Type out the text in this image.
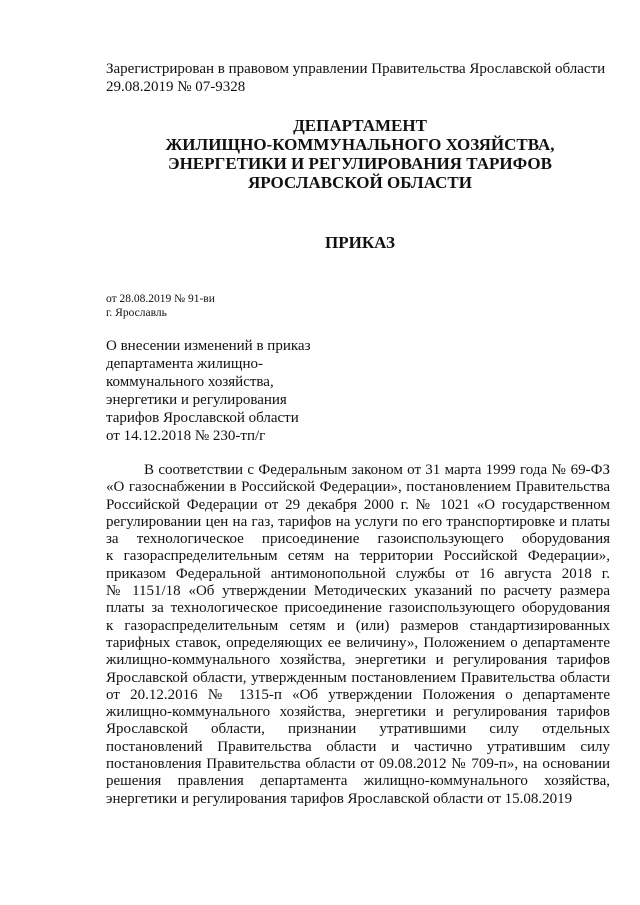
Зарегистрирован в правовом управлении Правительства Ярославской области
29.08.2019 № 07-9328
ДЕПАРТАМЕНТ
ЖИЛИЩНО-КОММУНАЛЬНОГО ХОЗЯЙСТВА,
ЭНЕРГЕТИКИ И РЕГУЛИРОВАНИЯ ТАРИФОВ
ЯРОСЛАВСКОЙ ОБЛАСТИ
ПРИКАЗ
от 28.08.2019 № 91-ви
г. Ярославль
О внесении изменений в приказ
департамента жилищно-
коммунального хозяйства,
энергетики и регулирования
тарифов Ярославской области
от 14.12.2018 № 230-тп/г
В соответствии с Федеральным законом от 31 марта 1999 года № 69-ФЗ
«О газоснабжении в Российской Федерации», постановлением Правительства
Российской Федерации от 29 декабря 2000 г. № 1021 «О государственном
регулировании цен на газ, тарифов на услуги по его транспортировке и платы
за технологическое присоединение газоиспользующего оборудования
к газораспределительным сетям на территории Российской Федерации»,
приказом Федеральной антимонопольной службы от 16 августа 2018 г.
№ 1151/18 «Об утверждении Методических указаний по расчету размера
платы за технологическое присоединение газоиспользующего оборудования
к газораспределительным сетям и (или) размеров стандартизированных
тарифных ставок, определяющих ее величину», Положением о департаменте
жилищно-коммунального хозяйства, энергетики и регулирования тарифов
Ярославской области, утвержденным постановлением Правительства области
от 20.12.2016 № 1315-п «Об утверждении Положения о департаменте
жилищно-коммунального хозяйства, энергетики и регулирования тарифов
Ярославской области, признании утратившими силу отдельных
постановлений Правительства области и частично утратившим силу
постановления Правительства области от 09.08.2012 № 709-п», на основании
решения правления департамента жилищно-коммунального хозяйства,
энергетики и регулирования тарифов Ярославской области от 15.08.2019
